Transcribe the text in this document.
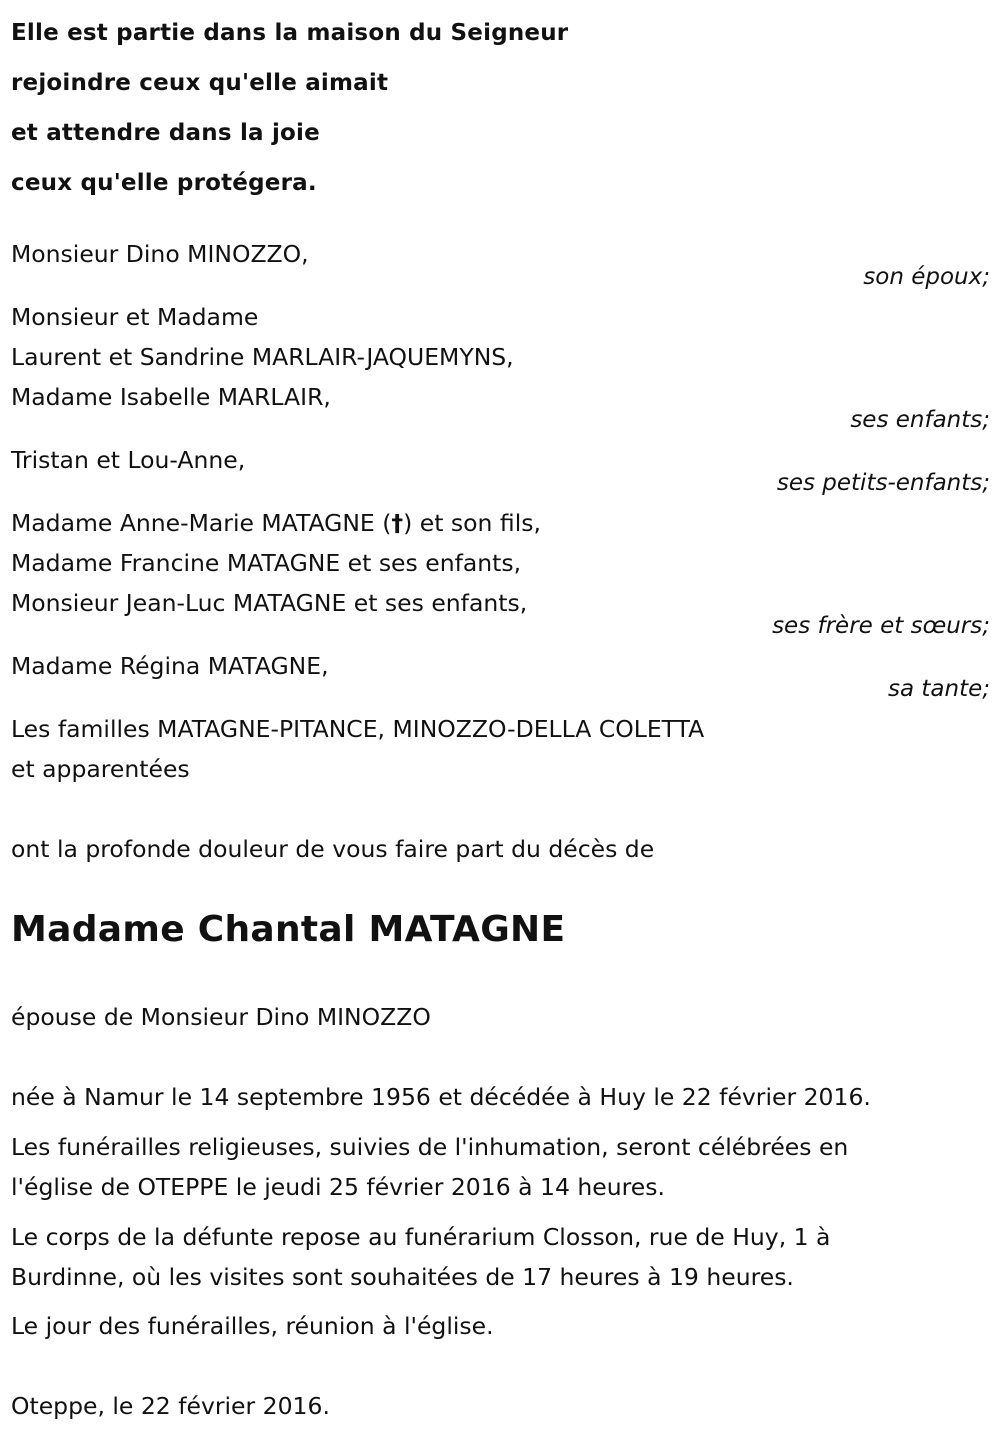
Elle est partie dans la maison du Seigneur
rejoindre ceux qu'elle aimait
et attendre dans la joie
ceux qu'elle protégera.
Monsieur Dino MINOZZO,
son époux;
Monsieur et Madame
Laurent et Sandrine MARLAIR-JAQUEMYNS,
Madame Isabelle MARLAIR,
ses enfants;
Tristan et Lou-Anne,
ses petits-enfants;
Madame Anne-Marie MATAGNE (†) et son fils,
Madame Francine MATAGNE et ses enfants,
Monsieur Jean-Luc MATAGNE et ses enfants,
ses frère et sœurs;
Madame Régina MATAGNE,
sa tante;
Les familles MATAGNE-PITANCE, MINOZZO-DELLA COLETTA
et apparentées
ont la profonde douleur de vous faire part du décès de
Madame Chantal MATAGNE
épouse de Monsieur Dino MINOZZO
née à Namur le 14 septembre 1956 et décédée à Huy le 22 février 2016.
Les funérailles religieuses, suivies de l'inhumation, seront célébrées en
l'église de OTEPPE le jeudi 25 février 2016 à 14 heures.
Le corps de la défunte repose au funérarium Closson, rue de Huy, 1 à
Burdinne, où les visites sont souhaitées de 17 heures à 19 heures.
Le jour des funérailles, réunion à l'église.
Oteppe, le 22 février 2016.
